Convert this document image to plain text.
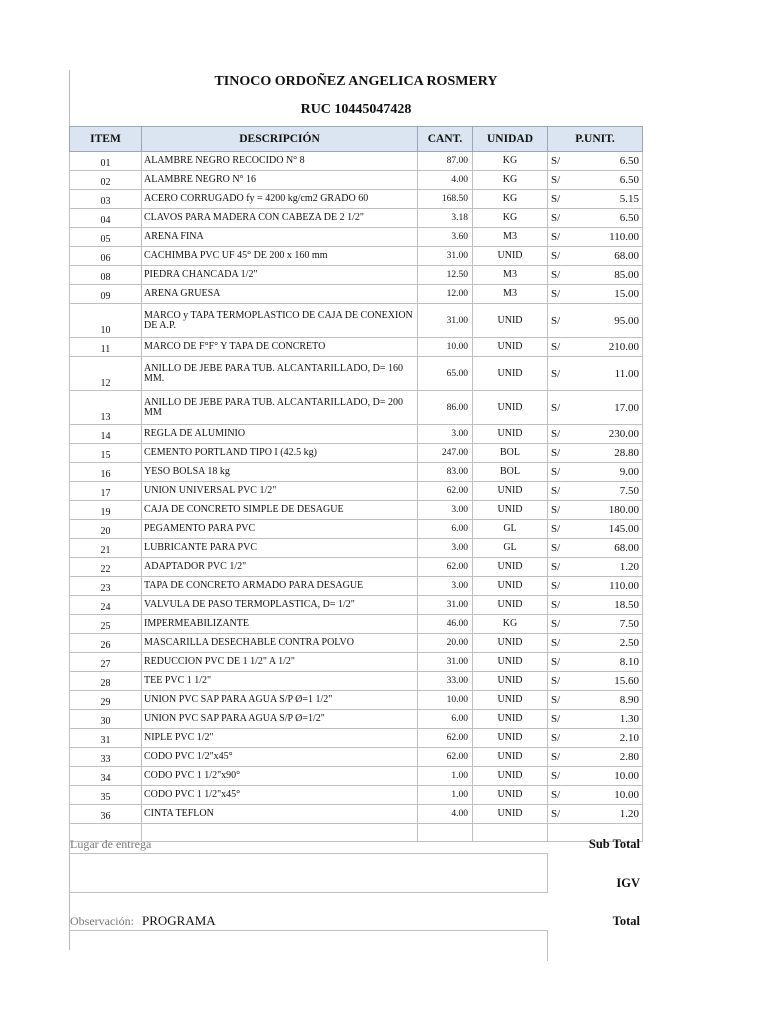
TINOCO ORDOÑEZ ANGELICA ROSMERY
RUC 10445047428
ITEM	DESCRIPCIÓN	CANT.	UNIDAD	P.UNIT.
01	ALAMBRE NEGRO RECOCIDO N° 8	87.00	KG	S/ 6.50

02	ALAMBRE NEGRO N° 16	4.00	KG	S/ 6.50

03	ACERO CORRUGADO fy = 4200 kg/cm2 GRADO 60	168.50	KG	S/ 5.15

04	CLAVOS PARA MADERA CON CABEZA DE 2 1/2"	3.18	KG	S/ 6.50

05	ARENA FINA	3.60	M3	S/ 110.00

06	CACHIMBA PVC UF 45° DE 200 x 160 mm	31.00	UNID	S/ 68.00

08	PIEDRA CHANCADA 1/2"	12.50	M3	S/ 85.00

09	ARENA GRUESA	12.00	M3	S/ 15.00

10	MARCO y TAPA TERMOPLASTICO DE CAJA DE CONEXION DE A.P.	31.00	UNID	S/ 95.00

11	MARCO DE F°F° Y TAPA DE CONCRETO	10.00	UNID	S/ 210.00

12	ANILLO DE JEBE PARA TUB. ALCANTARILLADO, D= 160 MM.	65.00	UNID	S/ 11.00

13	ANILLO DE JEBE PARA TUB. ALCANTARILLADO, D= 200 MM	86.00	UNID	S/ 17.00

14	REGLA DE ALUMINIO	3.00	UNID	S/ 230.00

15	CEMENTO PORTLAND TIPO I (42.5 kg)	247.00	BOL	S/ 28.80

16	YESO BOLSA 18 kg	83.00	BOL	S/ 9.00

17	UNION UNIVERSAL PVC 1/2"	62.00	UNID	S/ 7.50

19	CAJA DE CONCRETO SIMPLE DE DESAGUE	3.00	UNID	S/ 180.00

20	PEGAMENTO PARA PVC	6.00	GL	S/ 145.00

21	LUBRICANTE PARA PVC	3.00	GL	S/ 68.00

22	ADAPTADOR PVC 1/2"	62.00	UNID	S/ 1.20

23	TAPA DE CONCRETO ARMADO PARA DESAGUE	3.00	UNID	S/ 110.00

24	VALVULA DE PASO TERMOPLASTICA, D= 1/2"	31.00	UNID	S/ 18.50

25	IMPERMEABILIZANTE	46.00	KG	S/ 7.50

26	MASCARILLA DESECHABLE CONTRA POLVO	20.00	UNID	S/ 2.50

27	REDUCCION PVC DE 1 1/2" A 1/2"	31.00	UNID	S/ 8.10

28	TEE PVC 1 1/2"	33.00	UNID	S/ 15.60

29	UNION PVC SAP PARA AGUA S/P Ø=1 1/2"	10.00	UNID	S/ 8.90

30	UNION PVC SAP PARA AGUA S/P Ø=1/2"	6.00	UNID	S/ 1.30

31	NIPLE PVC 1/2"	62.00	UNID	S/ 2.10

33	CODO PVC 1/2"x45°	62.00	UNID	S/ 2.80

34	CODO PVC 1 1/2"x90°	1.00	UNID	S/ 10.00

35	CODO PVC 1 1/2"x45°	1.00	UNID	S/ 10.00

36	CINTA TEFLON	4.00	UNID	S/ 1.20

Lugar de entrega
Observación: PROGRAMA
Sub Total
IGV
Total
